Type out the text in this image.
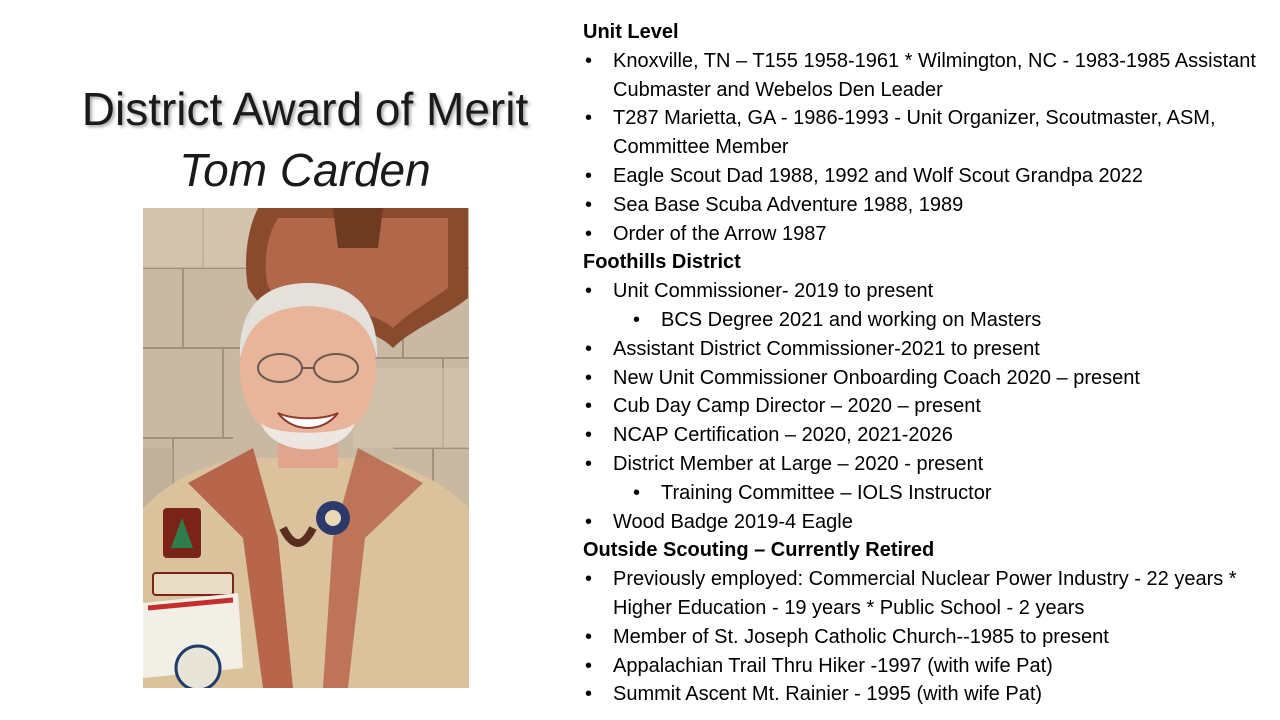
District Award of Merit
Tom Carden
Unit Level
• Knoxville, TN – T155 1958-1961 * Wilmington, NC - 1983-1985 Assistant Cubmaster and Webelos Den Leader
• T287 Marietta, GA - 1986-1993 - Unit Organizer, Scoutmaster, ASM, Committee Member
• Eagle Scout Dad 1988, 1992 and Wolf Scout Grandpa 2022
• Sea Base Scuba Adventure 1988, 1989
• Order of the Arrow 1987
Foothills District
• Unit Commissioner- 2019 to present
• BCS Degree 2021 and working on Masters
• Assistant District Commissioner-2021 to present
• New Unit Commissioner Onboarding Coach 2020 – present
• Cub Day Camp Director – 2020 – present
• NCAP Certification – 2020, 2021-2026
• District Member at Large – 2020 - present
• Training Committee – IOLS Instructor
• Wood Badge 2019-4 Eagle
Outside Scouting – Currently Retired
• Previously employed: Commercial Nuclear Power Industry - 22 years * Higher Education - 19 years * Public School - 2 years
• Member of St. Joseph Catholic Church--1985 to present
• Appalachian Trail Thru Hiker -1997 (with wife Pat)
• Summit Ascent Mt. Rainier - 1995 (with wife Pat)
